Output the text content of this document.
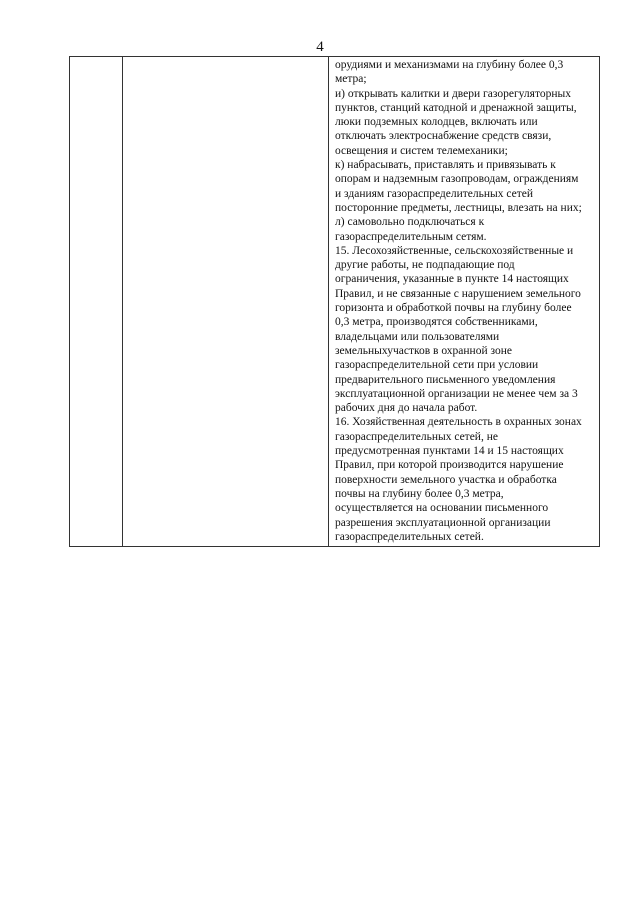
4

орудиями и механизмами на глубину более 0,3
метра;
и) открывать калитки и двери газорегуляторных
пунктов, станций катодной и дренажной защиты,
люки подземных колодцев, включать или
отключать электроснабжение средств связи,
освещения и систем телемеханики;
к) набрасывать, приставлять и привязывать к
опорам и надземным газопроводам, ограждениям
и зданиям газораспределительных сетей
посторонние предметы, лестницы, влезать на них;
л) самовольно подключаться к
газораспределительным сетям.
15. Лесохозяйственные, сельскохозяйственные и
другие работы, не подпадающие под
ограничения, указанные в пункте 14 настоящих
Правил, и не связанные с нарушением земельного
горизонта и обработкой почвы на глубину более
0,3 метра, производятся собственниками,
владельцами или пользователями
земельныхучастков в охранной зоне
газораспределительной сети при условии
предварительного письменного уведомления
эксплуатационной организации не менее чем за 3
рабочих дня до начала работ.
16. Хозяйственная деятельность в охранных зонах
газораспределительных сетей, не
предусмотренная пунктами 14 и 15 настоящих
Правил, при которой производится нарушение
поверхности земельного участка и обработка
почвы на глубину более 0,3 метра,
осуществляется на основании письменного
разрешения эксплуатационной организации
газораспределительных сетей.
